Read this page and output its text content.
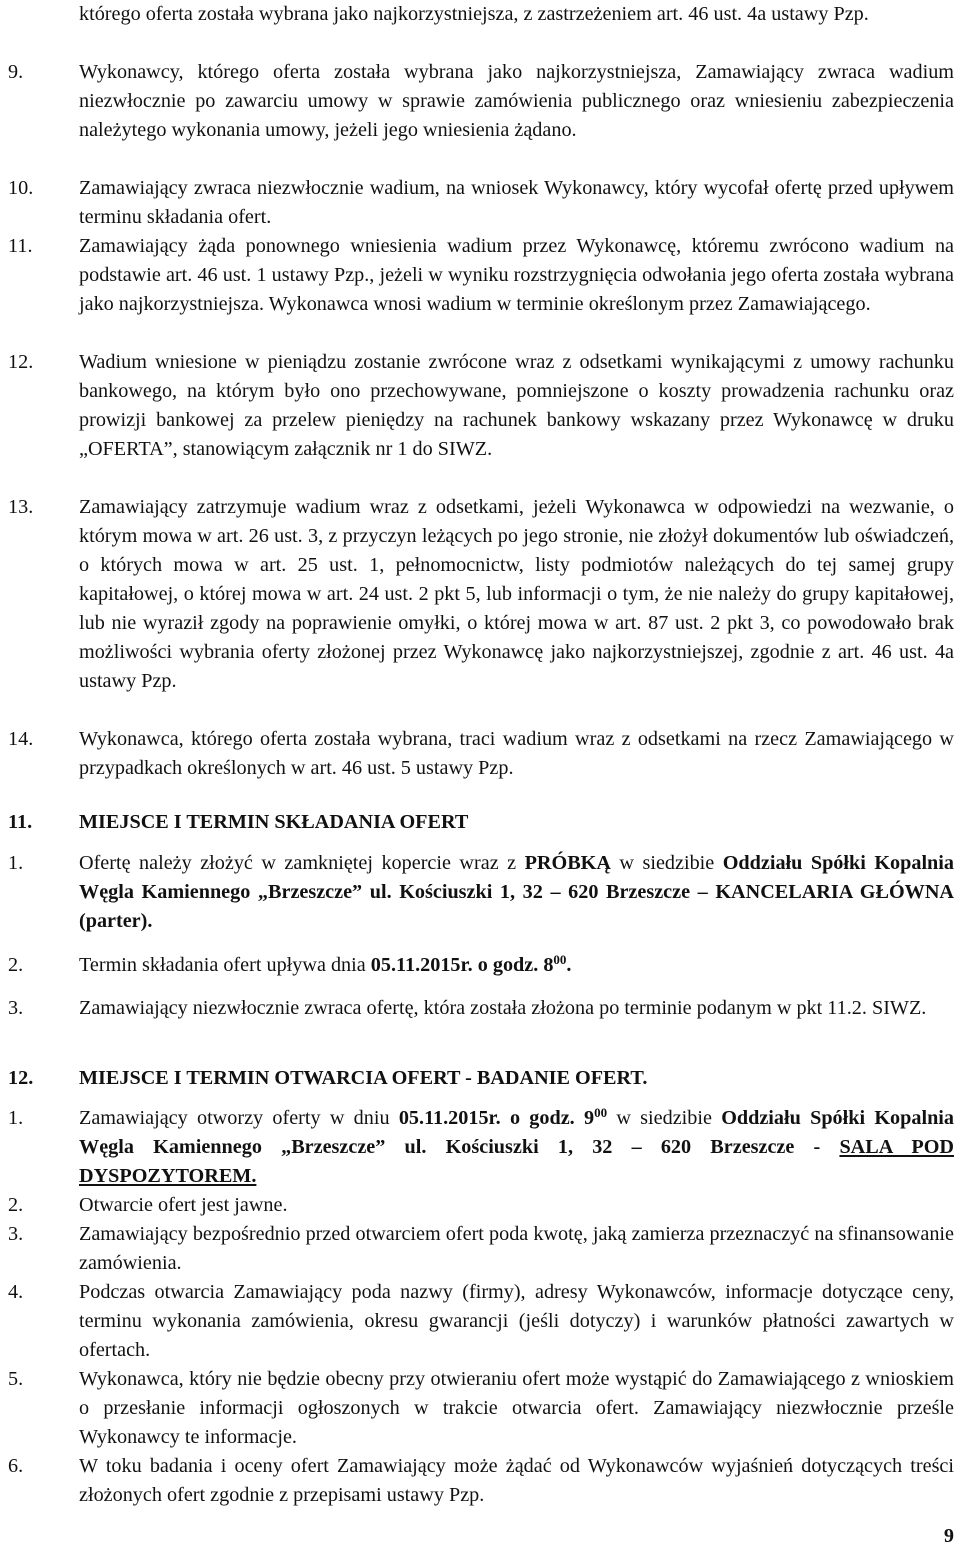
którego oferta została wybrana jako najkorzystniejsza, z zastrzeżeniem art. 46 ust. 4a ustawy Pzp.
9.	Wykonawcy, którego oferta została wybrana jako najkorzystniejsza, Zamawiający zwraca wadium niezwłocznie po zawarciu umowy w sprawie zamówienia publicznego oraz wniesieniu zabezpieczenia należytego wykonania umowy, jeżeli jego wniesienia żądano.
10. Zamawiający zwraca niezwłocznie wadium, na wniosek Wykonawcy, który wycofał ofertę przed upływem terminu składania ofert.
11. Zamawiający żąda ponownego wniesienia wadium przez Wykonawcę, któremu zwrócono wadium na podstawie art. 46 ust. 1 ustawy Pzp., jeżeli w wyniku rozstrzygnięcia odwołania jego oferta została wybrana jako najkorzystniejsza. Wykonawca wnosi wadium w terminie określonym przez Zamawiającego.
12. Wadium wniesione w pieniądzu zostanie zwrócone wraz z odsetkami wynikającymi z umowy rachunku bankowego, na którym było ono przechowywane, pomniejszone o koszty prowadzenia rachunku oraz prowizji bankowej za przelew pieniędzy na rachunek bankowy wskazany przez Wykonawcę w druku „OFERTA”, stanowiącym załącznik nr 1 do SIWZ.
13. Zamawiający zatrzymuje wadium wraz z odsetkami, jeżeli Wykonawca w odpowiedzi na wezwanie, o którym mowa w art. 26 ust. 3, z przyczyn leżących po jego stronie, nie złożył dokumentów lub oświadczeń, o których mowa w art. 25 ust. 1, pełnomocnictw, listy podmiotów należących do tej samej grupy kapitałowej, o której mowa w art. 24 ust. 2 pkt 5, lub informacji o tym, że nie należy do grupy kapitałowej, lub nie wyraził zgody na poprawienie omyłki, o której mowa w art. 87 ust. 2 pkt 3, co powodowało brak możliwości wybrania oferty złożonej przez Wykonawcę jako najkorzystniejszej, zgodnie z art. 46 ust. 4a ustawy Pzp.
14. Wykonawca, którego oferta została wybrana, traci wadium wraz z odsetkami na rzecz Zamawiającego w przypadkach określonych w art. 46 ust. 5 ustawy Pzp.
11. MIEJSCE I TERMIN SKŁADANIA OFERT
1.	Ofertę należy złożyć w zamkniętej kopercie wraz z PRÓBKĄ w siedzibie Oddziału Spółki Kopalnia Węgla Kamiennego „Brzeszcze” ul. Kościuszki 1, 32 – 620 Brzeszcze – KANCELARIA GŁÓWNA (parter).
2.	Termin składania ofert upływa dnia 05.11.2015r. o godz. $8^{00}$.
3.	Zamawiający niezwłocznie zwraca ofertę, która została złożona po terminie podanym w pkt 11.2. SIWZ.
12. MIEJSCE I TERMIN OTWARCIA OFERT - BADANIE OFERT.
1.	Zamawiający otworzy oferty w dniu 05.11.2015r. o godz. $9^{00}$ w siedzibie Oddziału Spółki Kopalnia Węgla Kamiennego „Brzeszcze” ul. Kościuszki 1, 32 – 620 Brzeszcze - SALA POD DYSPOZYTOREM.
2.	Otwarcie ofert jest jawne.
3.	Zamawiający bezpośrednio przed otwarciem ofert poda kwotę, jaką zamierza przeznaczyć na sfinansowanie zamówienia.
4.	Podczas otwarcia Zamawiający poda nazwy (firmy), adresy Wykonawców, informacje dotyczące ceny, terminu wykonania zamówienia, okresu gwarancji (jeśli dotyczy) i warunków płatności zawartych w ofertach.
5.	Wykonawca, który nie będzie obecny przy otwieraniu ofert może wystąpić do Zamawiającego z wnioskiem o przesłanie informacji ogłoszonych w trakcie otwarcia ofert. Zamawiający niezwłocznie prześle Wykonawcy te informacje.
6.	W toku badania i oceny ofert Zamawiający może żądać od Wykonawców wyjaśnień dotyczących treści złożonych ofert zgodnie z przepisami ustawy Pzp.
9
